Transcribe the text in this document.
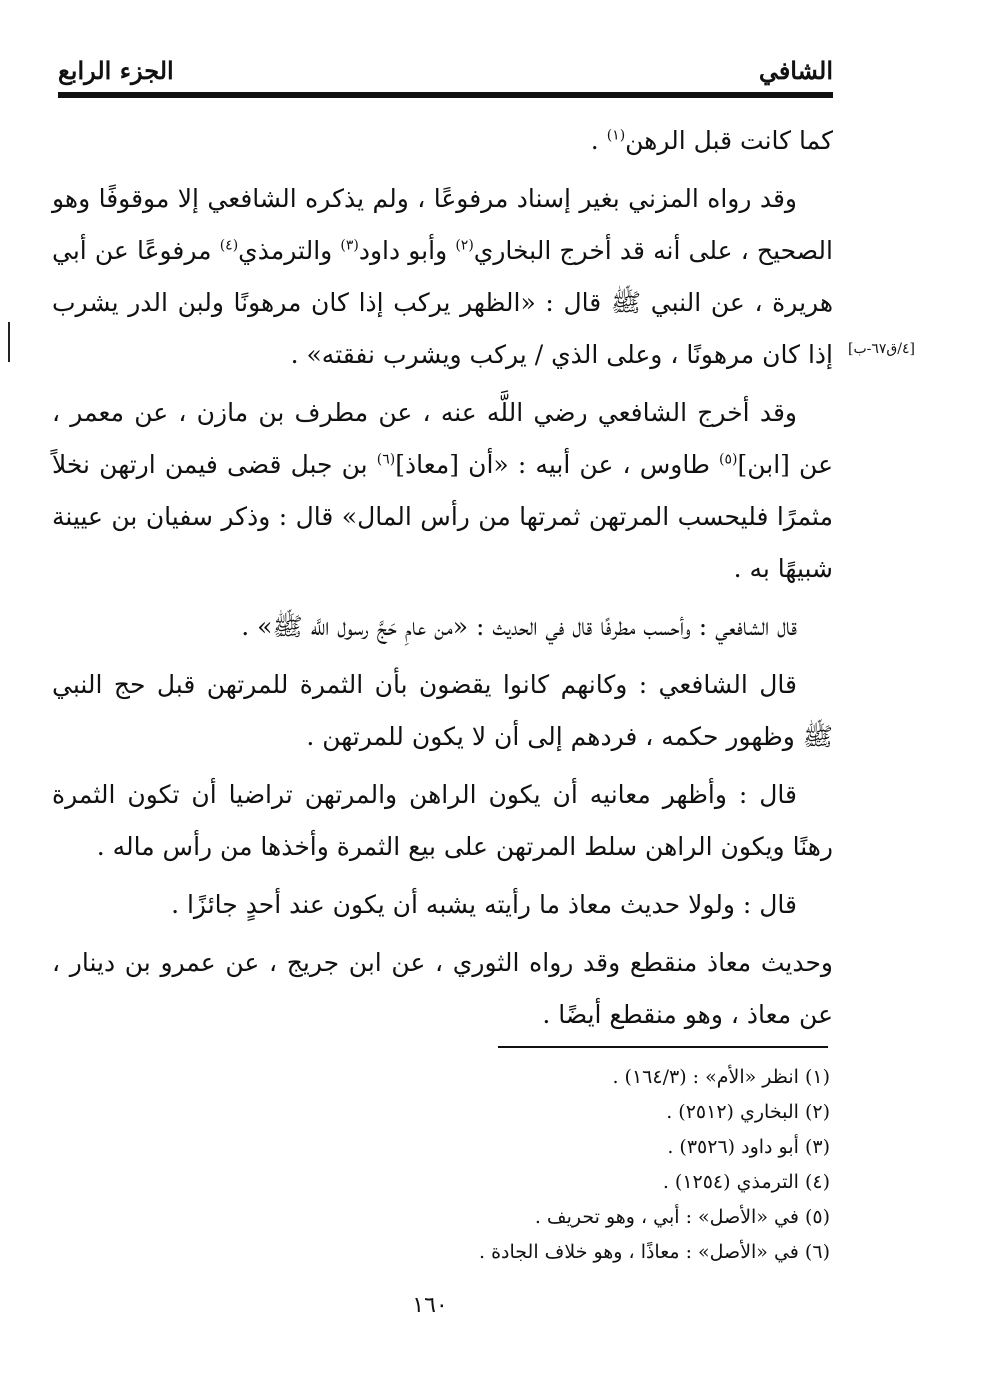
الشافي
الجزء الرابع
[٤/ق٦٧-ب]

كما كانت قبل الرهن$^{(١)}$ .

وقد رواه المزني بغير إسناد مرفوعًا ، ولم يذكره الشافعي إلا موقوفًا وهو الصحيح ، على أنه قد أخرج البخاري$^{(٢)}$ وأبو داود$^{(٣)}$ والترمذي$^{(٤)}$ مرفوعًا عن أبي هريرة ، عن النبي ﷺ قال : «الظهر يركب إذا كان مرهونًا ولبن الدر يشرب إذا كان مرهونًا ، وعلى الذي / يركب ويشرب نفقته» .

وقد أخرج الشافعي رضي اللَّه عنه ، عن مطرف بن مازن ، عن معمر ، عن [ابن]$^{(٥)}$ طاوس ، عن أبيه : «أن [معاذ]$^{(٦)}$ بن جبل قضى فيمن ارتهن نخلاً مثمرًا فليحسب المرتهن ثمرتها من رأس المال» قال : وذكر سفيان بن عيينة شبيهًا به .

قال الشافعي : وأحسب مطرفًا قال في الحديث : «من عامِ حَجَّ رسول اللَّه ﷺ» .

قال الشافعي : وكانهم كانوا يقضون بأن الثمرة للمرتهن قبل حج النبي ﷺ وظهور حكمه ، فردهم إلى أن لا يكون للمرتهن .

قال : وأظهر معانيه أن يكون الراهن والمرتهن تراضيا أن تكون الثمرة رهنًا ويكون الراهن سلط المرتهن على بيع الثمرة وأخذها من رأس ماله .

قال : ولولا حديث معاذ ما رأيته يشبه أن يكون عند أحدٍ جائزًا .

وحديث معاذ منقطع وقد رواه الثوري ، عن ابن جريج ، عن عمرو بن دينار ، عن معاذ ، وهو منقطع أيضًا .

(١) انظر «الأم» : (١٦٤/٣) .
(٢) البخاري (٢٥١٢) .
(٣) أبو داود (٣٥٢٦) .
(٤) الترمذي (١٢٥٤) .
(٥) في «الأصل» : أبي ، وهو تحريف .
(٦) في «الأصل» : معاذًا ، وهو خلاف الجادة .
١٦٠
